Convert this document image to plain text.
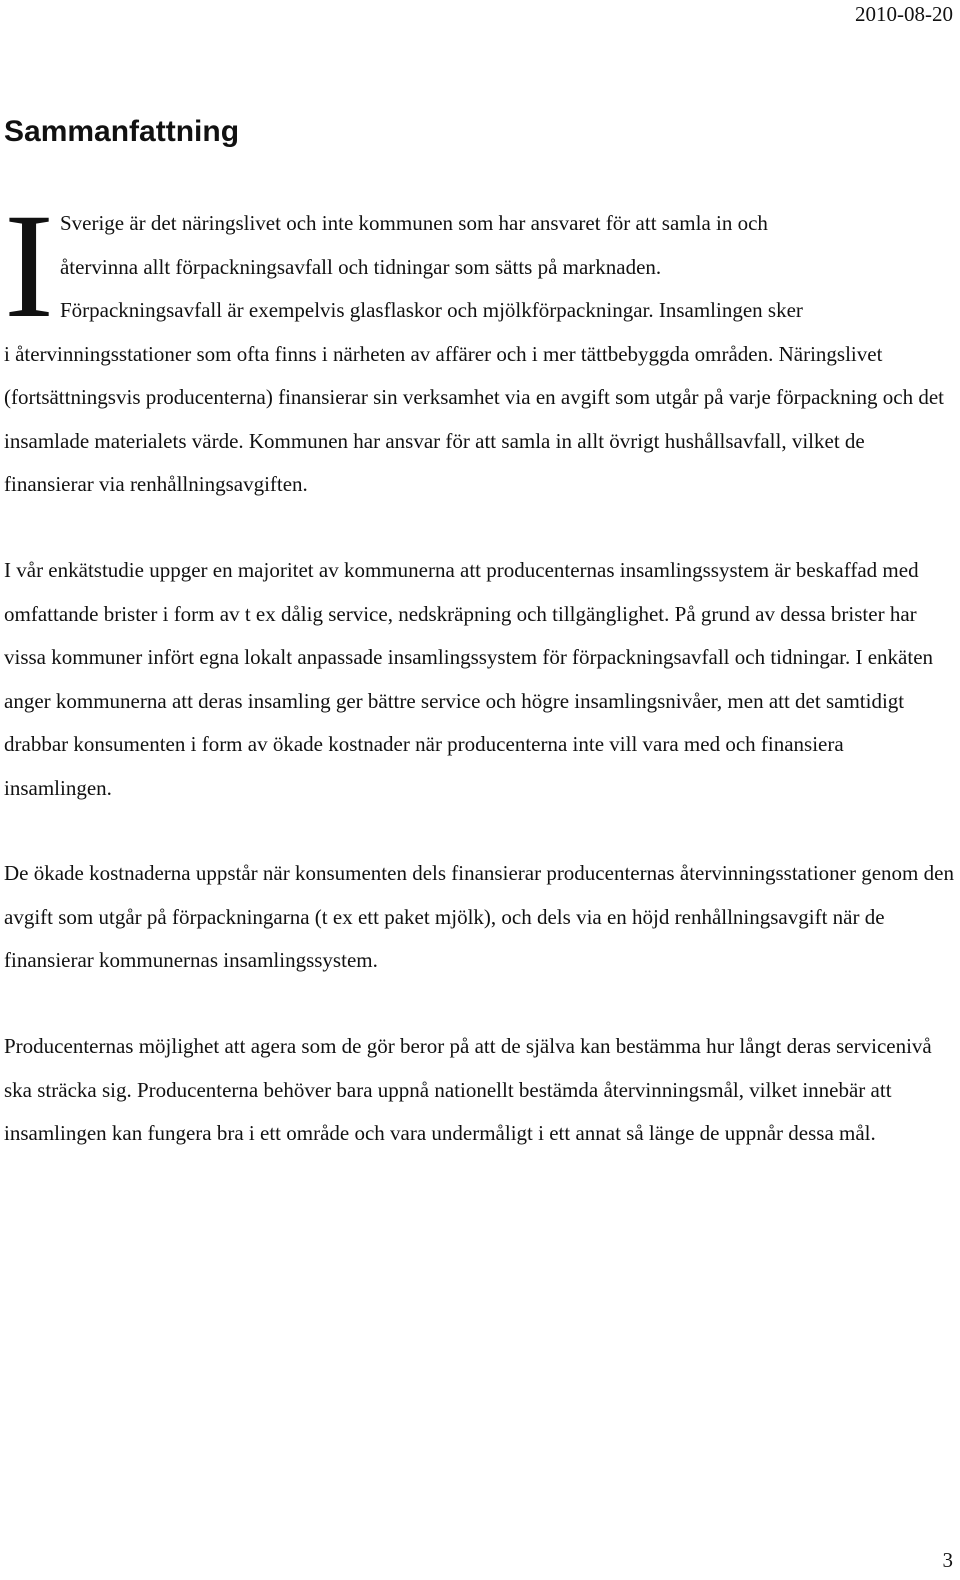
2010-08-20
Sammanfattning
I Sverige är det näringslivet och inte kommunen som har ansvaret för att samla in och
återvinna allt förpackningsavfall och tidningar som sätts på marknaden.
Förpackningsavfall är exempelvis glasflaskor och mjölkförpackningar. Insamlingen sker
i återvinningsstationer som ofta finns i närheten av affärer och i mer tättbebyggda områden. Näringslivet (fortsättningsvis producenterna) finansierar sin verksamhet via en avgift som utgår på varje förpackning och det insamlade materialets värde. Kommunen har ansvar för att samla in allt övrigt hushållsavfall, vilket de finansierar via renhållningsavgiften.

I vår enkätstudie uppger en majoritet av kommunerna att producenternas insamlingssystem är beskaffad med omfattande brister i form av t ex dålig service, nedskräpning och tillgänglighet. På grund av dessa brister har vissa kommuner infört egna lokalt anpassade insamlingssystem för förpackningsavfall och tidningar. I enkäten anger kommunerna att deras insamling ger bättre service och högre insamlingsnivåer, men att det samtidigt drabbar konsumenten i form av ökade kostnader när producenterna inte vill vara med och finansiera insamlingen.

De ökade kostnaderna uppstår när konsumenten dels finansierar producenternas återvinningsstationer genom den avgift som utgår på förpackningarna (t ex ett paket mjölk), och dels via en höjd renhållningsavgift när de finansierar kommunernas insamlingssystem.

Producenternas möjlighet att agera som de gör beror på att de själva kan bestämma hur långt deras servicenivå ska sträcka sig. Producenterna behöver bara uppnå nationellt bestämda återvinningsmål, vilket innebär att insamlingen kan fungera bra i ett område och vara undermåligt i ett annat så länge de uppnår dessa mål.

3
